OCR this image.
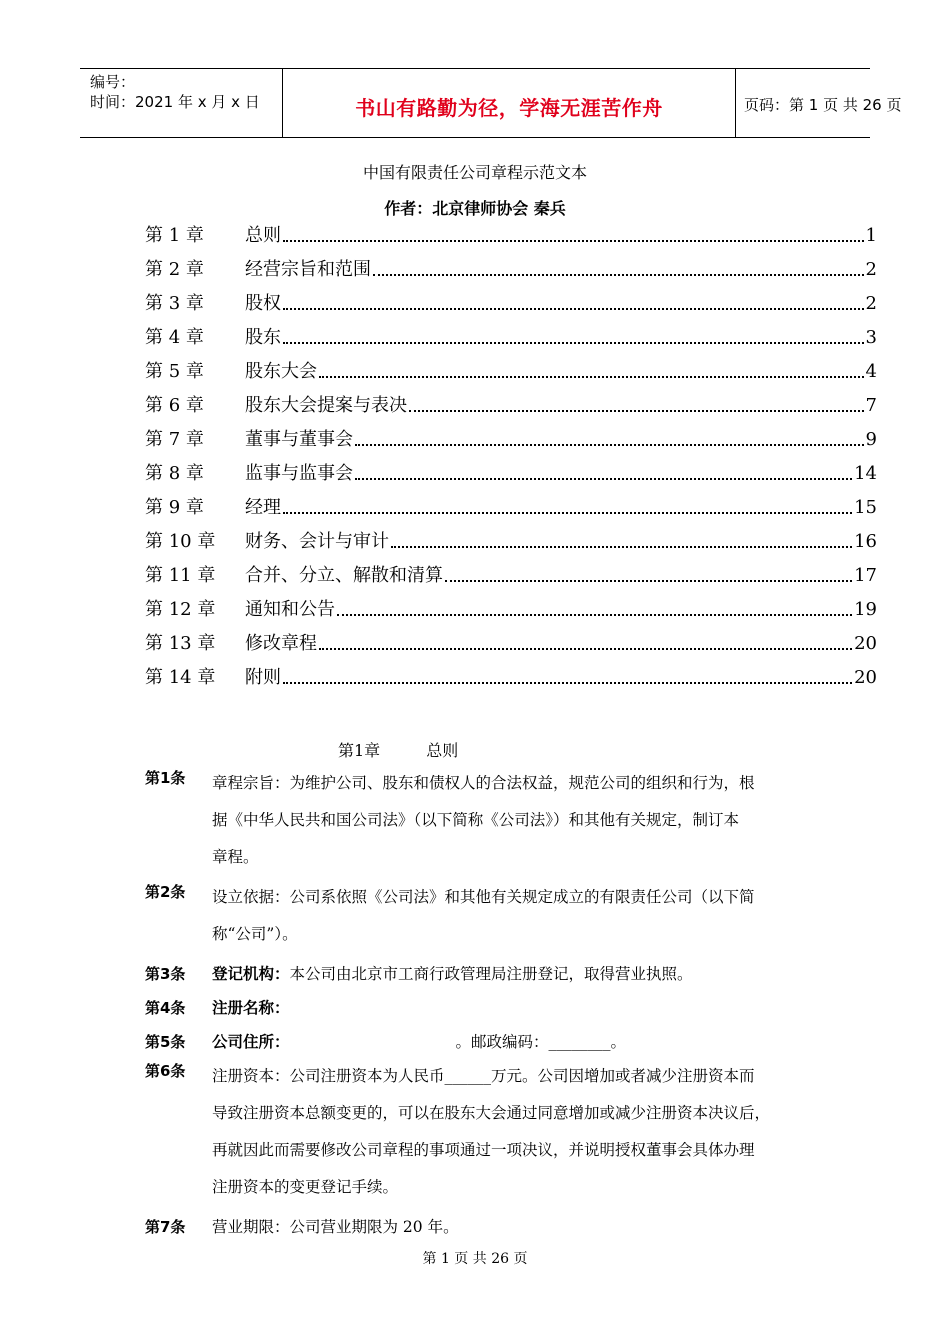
编号：
时间：2021 年 x 月 x 日	书山有路勤为径，学海无涯苦作舟	页码：第 1 页 共 26 页
中国有限责任公司章程示范文本
作者：北京律师协会 秦兵
第 1 章 总则	1
第 2 章 经营宗旨和范围	2
第 3 章 股权	2
第 4 章 股东	3
第 5 章 股东大会	4
第 6 章 股东大会提案与表决	7
第 7 章 董事与董事会	9
第 8 章 监事与监事会	14
第 9 章 经理	15
第 10 章 财务、会计与审计	16
第 11 章 合并、分立、解散和清算	17
第 12 章 通知和公告	19
第 13 章 修改章程	20
第 14 章 附则	20
第1章	总则
第1条 章程宗旨：为维护公司、股东和债权人的合法权益，规范公司的组织和行为，根
据《中华人民共和国公司法》（以下简称《公司法》）和其他有关规定，制订本
章程。
第2条 设立依据：公司系依照《公司法》和其他有关规定成立的有限责任公司（以下简
称“公司”）。
第3条 登记机构：本公司由北京市工商行政管理局注册登记，取得营业执照。
第4条 注册名称：
第5条 公司住所：	。邮政编码：________。
第6条 注册资本：公司注册资本为人民币______万元。公司因增加或者减少注册资本而
导致注册资本总额变更的，可以在股东大会通过同意增加或减少注册资本决议后，
再就因此而需要修改公司章程的事项通过一项决议，并说明授权董事会具体办理
注册资本的变更登记手续。
第7条 营业期限：公司营业期限为 20 年。
第 1 页 共 26 页
